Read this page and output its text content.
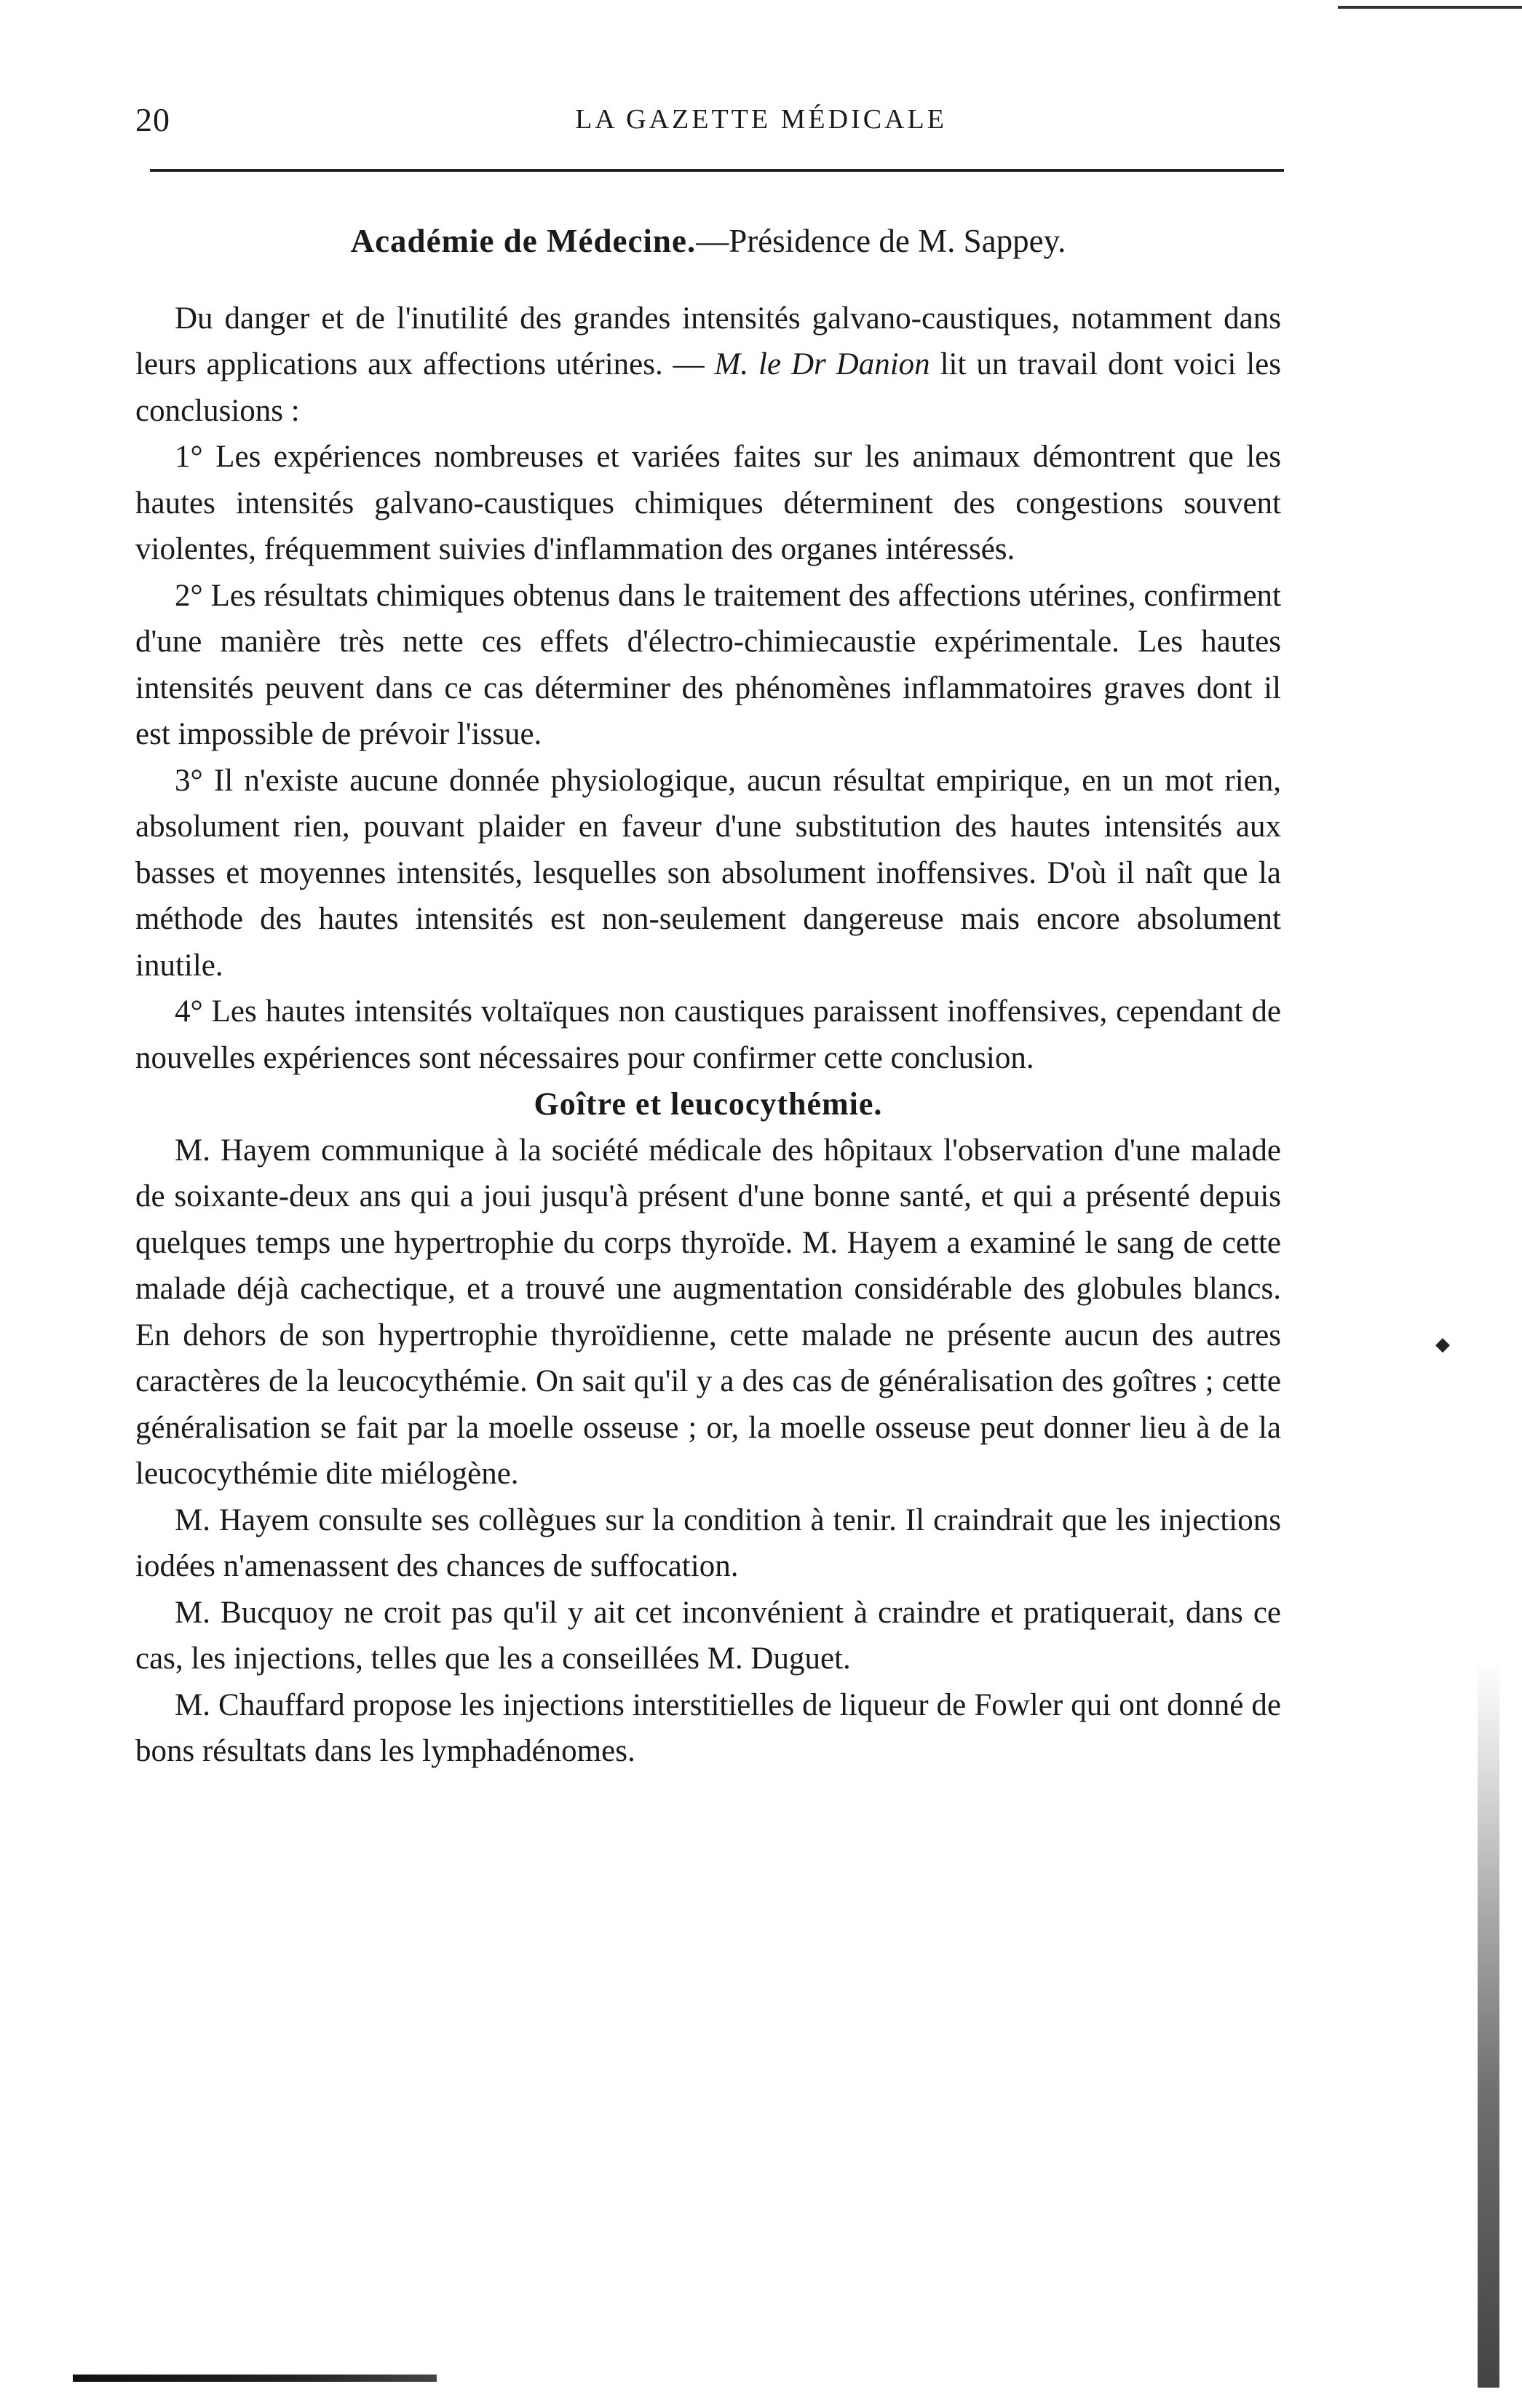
20	LA GAZETTE MÉDICALE
Académie de Médecine.—Présidence de M. Sappey.

Du danger et de l'inutilité des grandes intensités galvano-caustiques, notamment dans leurs applications aux affections utérines. — M. le Dr Danion lit un travail dont voici les conclusions :

1° Les expériences nombreuses et variées faites sur les animaux démontrent que les hautes intensités galvano-caustiques chimiques déterminent des congestions souvent violentes, fréquemment suivies d'inflammation des organes intéressés.

2° Les résultats chimiques obtenus dans le traitement des affections utérines, confirment d'une manière très nette ces effets d'électro-chimiecaustie expérimentale. Les hautes intensités peuvent dans ce cas déterminer des phénomènes inflammatoires graves dont il est impossible de prévoir l'issue.

3° Il n'existe aucune donnée physiologique, aucun résultat empirique, en un mot rien, absolument rien, pouvant plaider en faveur d'une substitution des hautes intensités aux basses et moyennes intensités, lesquelles son absolument inoffensives. D'où il naît que la méthode des hautes intensités est non-seulement dangereuse mais encore absolument inutile.

4° Les hautes intensités voltaïques non caustiques paraissent inoffensives, cependant de nouvelles expériences sont nécessaires pour confirmer cette conclusion.

Goître et leucocythémie.

M. Hayem communique à la société médicale des hôpitaux l'observation d'une malade de soixante-deux ans qui a joui jusqu'à présent d'une bonne santé, et qui a présenté depuis quelques temps une hypertrophie du corps thyroïde. M. Hayem a examiné le sang de cette malade déjà cachectique, et a trouvé une augmentation considérable des globules blancs. En dehors de son hypertrophie thyroïdienne, cette malade ne présente aucun des autres caractères de la leucocythémie. On sait qu'il y a des cas de généralisation des goîtres ; cette généralisation se fait par la moelle osseuse ; or, la moelle osseuse peut donner lieu à de la leucocythémie dite miélogène.

M. Hayem consulte ses collègues sur la condition à tenir. Il craindrait que les injections iodées n'amenassent des chances de suffocation.

M. Bucquoy ne croit pas qu'il y ait cet inconvénient à craindre et pratiquerait, dans ce cas, les injections, telles que les a conseillées M. Duguet.

M. Chauffard propose les injections interstitielles de liqueur de Fowler qui ont donné de bons résultats dans les lymphadénomes.

◆
